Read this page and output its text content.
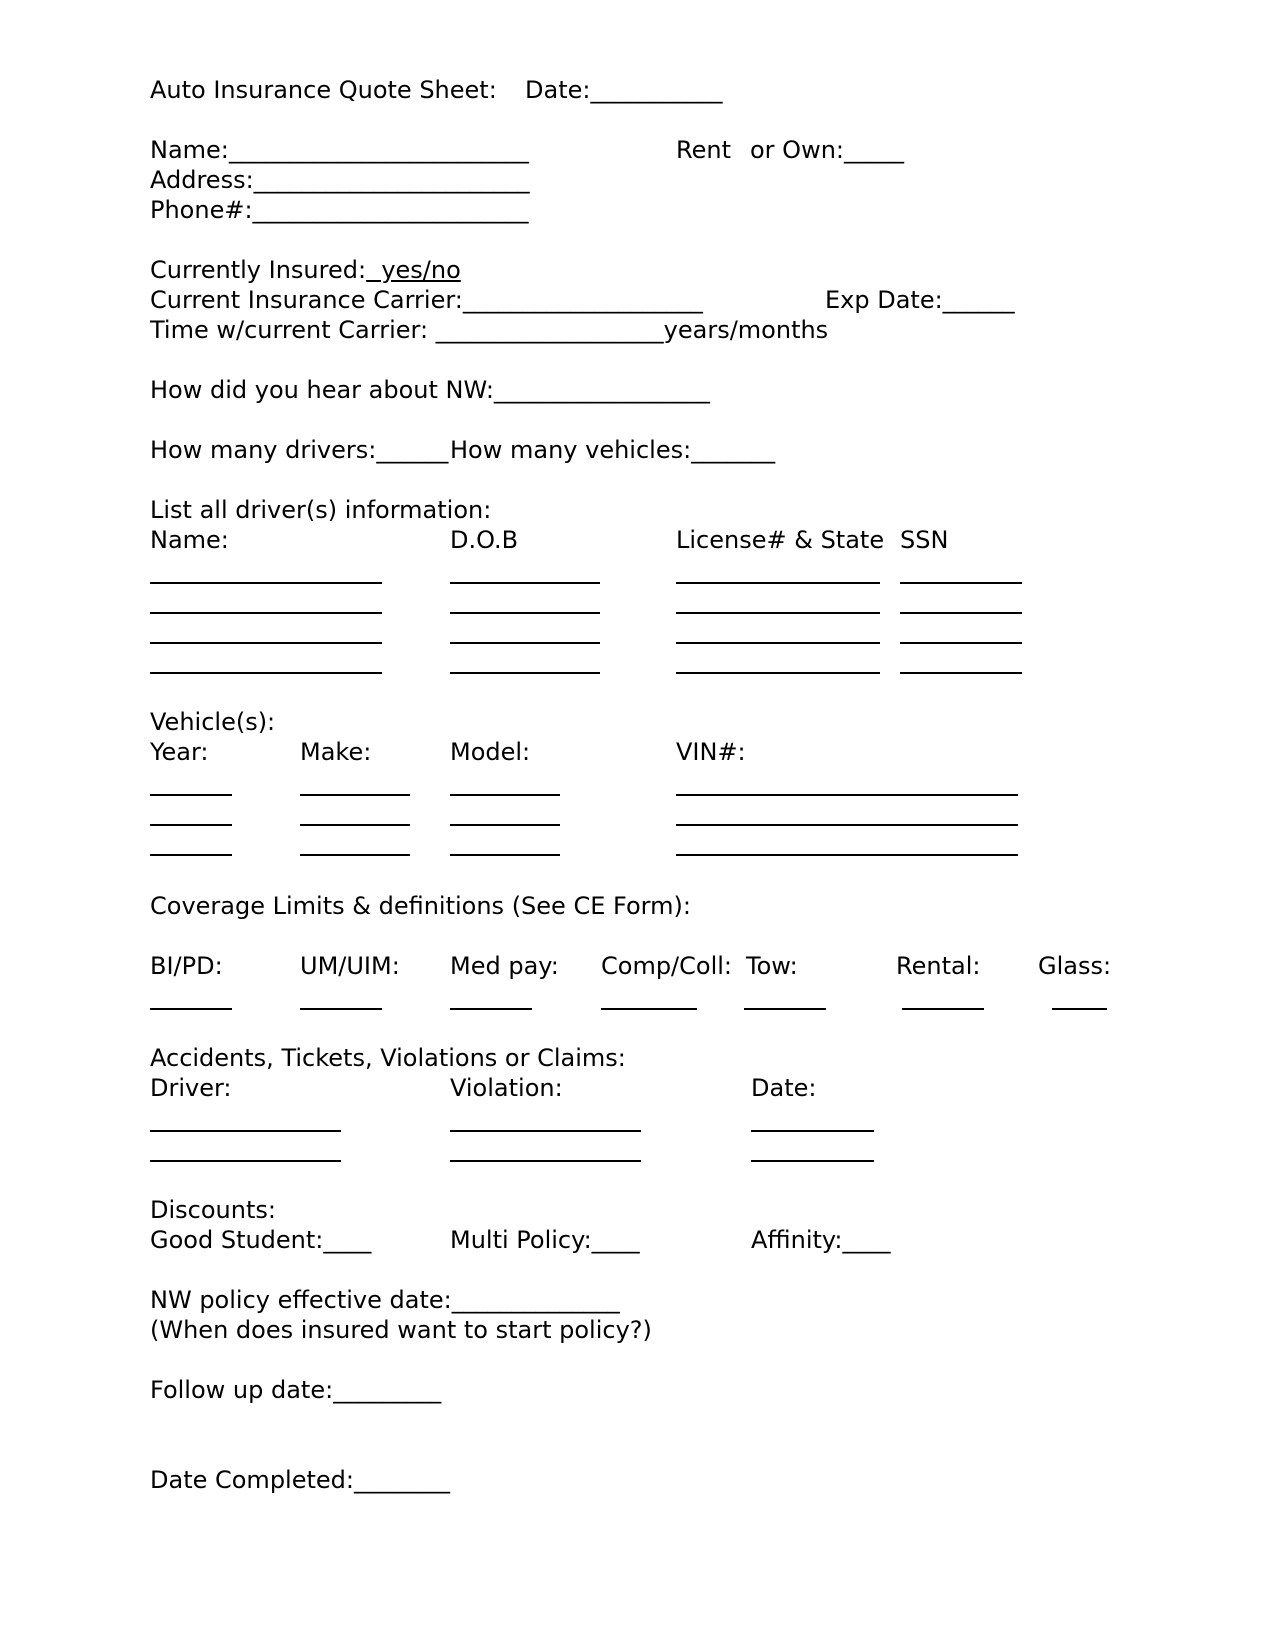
Auto Insurance Quote Sheet: Date:___________
Name:_________________________	Rent or Own:_____
Address:_______________________
Phone#:_______________________
Currently Insured:  yes/no
Current Insurance Carrier:____________________	Exp Date:______
Time w/current Carrier: ___________________years/months
How did you hear about NW:__________________
How many drivers:______ How many vehicles:_______
List all driver(s) information:
Name:	D.O.B	License# & State SSN
Vehicle(s):
Year:	Make:	Model:	VIN#:
Coverage Limits & definitions (See CE Form):
BI/PD:	UM/UIM: Med pay: Comp/Coll: Tow:	Rental: Glass:
Accidents, Tickets, Violations or Claims:
Driver:	Violation:	Date:
Discounts:
Good Student:____	Multi Policy:____	Affinity:____
NW policy effective date:______________
(When does insured want to start policy?)
Follow up date:_________
Date Completed:________
